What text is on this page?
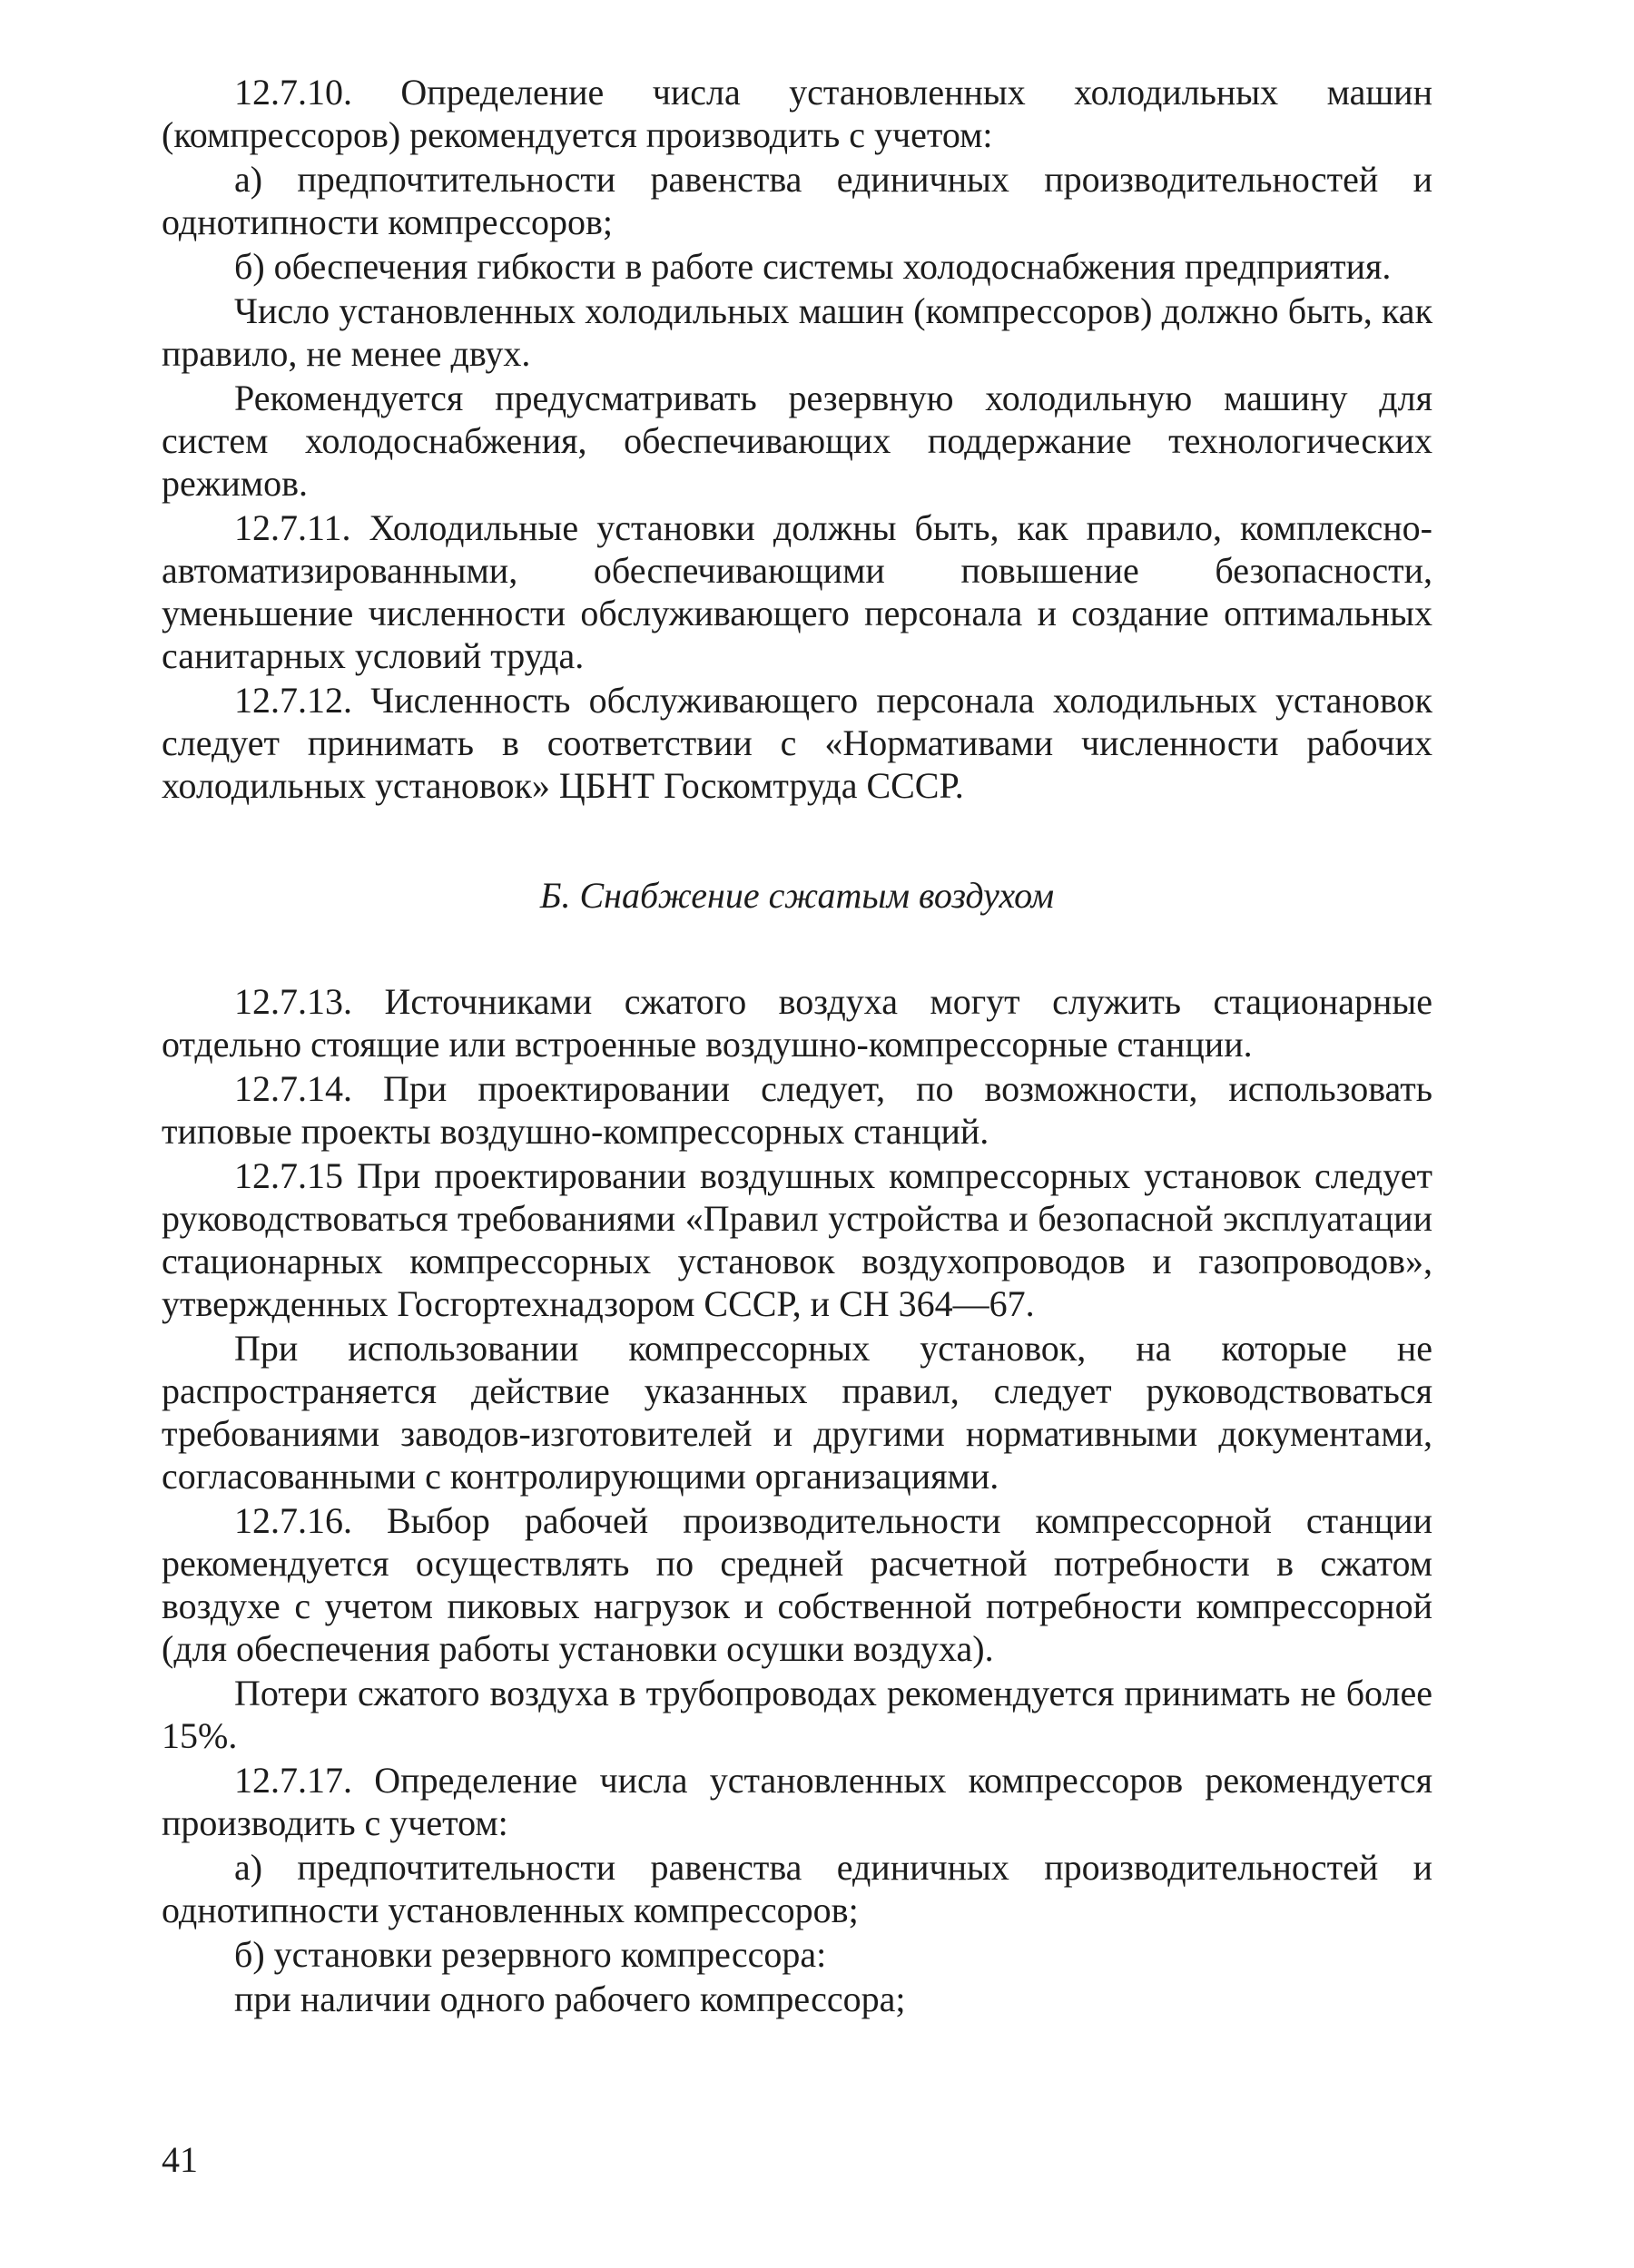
12.7.10. Определение числа установленных холодильных машин (компрессоров) рекомендуется производить с учетом:

а) предпочтительности равенства единичных производительностей и однотипности компрессоров;

б) обеспечения гибкости в работе системы холодоснабжения предприятия.

Число установленных холодильных машин (компрессоров) должно быть, как правило, не менее двух.

Рекомендуется предусматривать резервную холодильную машину для систем холодоснабжения, обеспечивающих поддержание технологических режимов.

12.7.11. Холодильные установки должны быть, как правило, комплексно-автоматизированными, обеспечивающими повышение безопасности, уменьшение численности обслуживающего персонала и создание оптимальных санитарных условий труда.

12.7.12. Численность обслуживающего персонала холодильных установок следует принимать в соответствии с «Нормативами численности рабочих холодильных установок» ЦБНТ Госкомтруда СССР.

Б. Снабжение сжатым воздухом

12.7.13. Источниками сжатого воздуха могут служить стационарные отдельно стоящие или встроенные воздушно-компрессорные станции.

12.7.14. При проектировании следует, по возможности, использовать типовые проекты воздушно-компрессорных станций.

12.7.15 При проектировании воздушных компрессорных установок следует руководствоваться требованиями «Правил устройства и безопасной эксплуатации стационарных компрессорных установок воздухопроводов и газопроводов», утвержденных Госгортехнадзором СССР, и СН 364—67.

При использовании компрессорных установок, на которые не распространяется действие указанных правил, следует руководствоваться требованиями заводов-изготовителей и другими нормативными документами, согласованными с контролирующими организациями.

12.7.16. Выбор рабочей производительности компрессорной станции рекомендуется осуществлять по средней расчетной потребности в сжатом воздухе с учетом пиковых нагрузок и собственной потребности компрессорной (для обеспечения работы установки осушки воздуха).

Потери сжатого воздуха в трубопроводах рекомендуется принимать не более 15%.

12.7.17. Определение числа установленных компрессоров рекомендуется производить с учетом:

а) предпочтительности равенства единичных производительностей и однотипности установленных компрессоров;

б) установки резервного компрессора:

при наличии одного рабочего компрессора;

41
